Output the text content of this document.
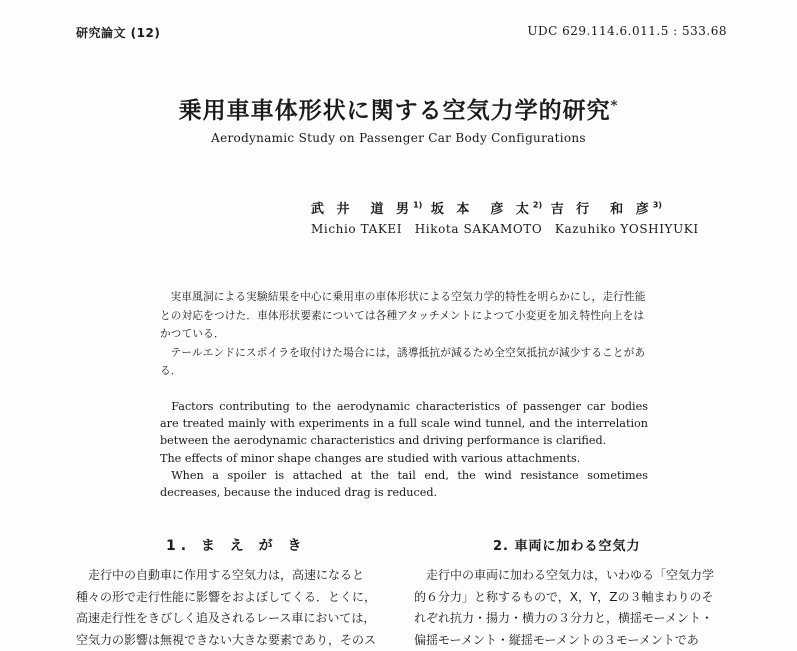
研究論文 (12)	UDC 629.114.6.011.5 : 533.68
乗用車車体形状に関する空気力学的研究*
Aerodynamic Study on Passenger Car Body Configurations
武 井　道 男$^{1)}$ 坂 本　彦 太$^{2)}$ 吉 行　和 彦$^{3)}$
Michio TAKEI　Hikota SAKAMOTO　Kazuhiko YOSHIYUKI

実車風洞による実験結果を中心に乗用車の車体形状による空気力学的特性を明らかにし，走行性能との対応をつけた．車体形状要素については各種アタッチメントによつて小変更を加え特性向上をはかつている．

テールエンドにスポイラを取付けた場合には，誘導抵抗が減るため全空気抵抗が減少することがある．

Factors contributing to the aerodynamic characteristics of passenger car bodies are treated mainly with experiments in a full scale wind tunnel, and the interrelation between the aerodynamic characteristics and driving performance is clarified.

The effects of minor shape changes are studied with various attachments.

When a spoiler is attached at the tail end, the wind resistance sometimes decreases, because the induced drag is reduced.

1. ま え が き	2. 車両に加わる空気力
　走行中の自動車に作用する空気力は，高速になると
種々の形で走行性能に影響をおよぼしてくる．とくに，
高速走行性をきびしく追及されるレース車においては，
空気力の影響は無視できない大きな要素であり，そのス
　走行中の車両に加わる空気力は，いわゆる「空気力学
的６分力」と称するもので，X，Y，Zの３軸まわりのそ
れぞれ抗力・揚力・横力の３分力と，横揺モーメント・
偏揺モーメント・縦揺モーメントの３モーメントであ
